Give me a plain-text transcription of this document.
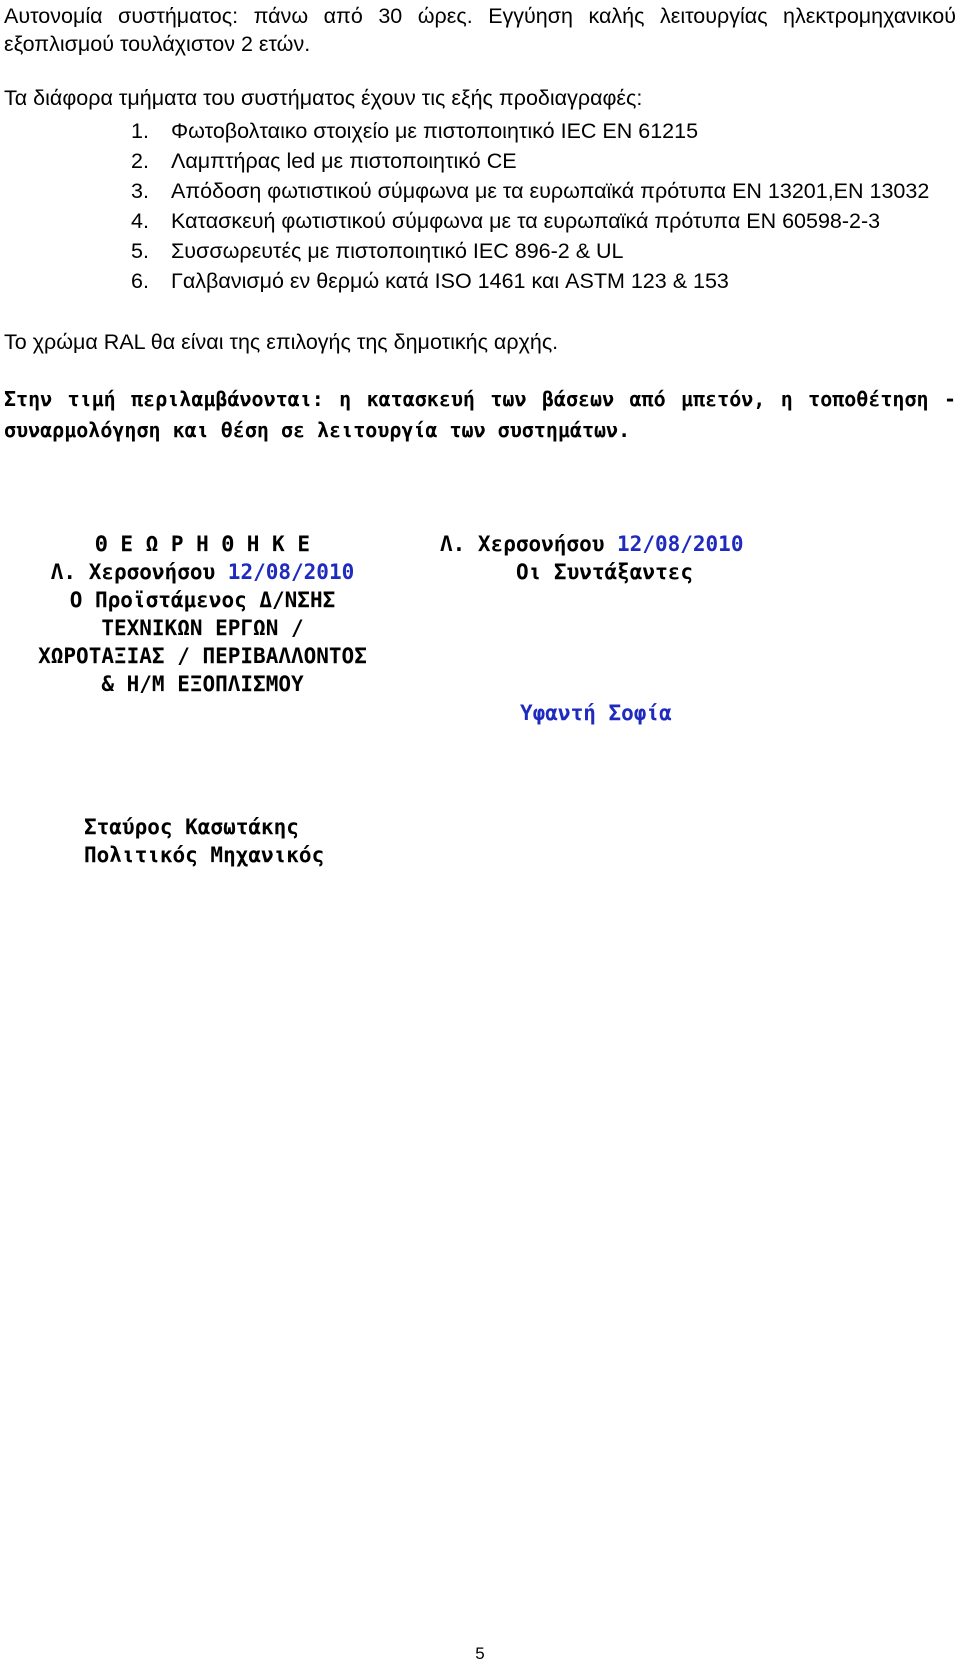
Αυτονομία συστήματος: πάνω από 30 ώρες. Εγγύηση καλής λειτουργίας ηλεκτρομηχανικού εξοπλισμού τουλάχιστον 2 ετών.

Τα διάφορα τμήματα του συστήματος έχουν τις εξής προδιαγραφές:
1. Φωτοβολταικο στοιχείο με πιστοποιητικό IEC EN 61215
2. Λαμπτήρας led με πιστοποιητικό CE
3. Απόδοση φωτιστικού σύμφωνα με τα ευρωπαϊκά πρότυπα EN 13201,EN 13032
4. Κατασκευή φωτιστικού σύμφωνα με τα ευρωπαϊκά πρότυπα EN 60598-2-3
5. Συσσωρευτές με πιστοποιητικό IEC 896-2 & UL
6. Γαλβανισμό εν θερμώ κατά ISO 1461 και ASTM 123 & 153
Το χρώμα RAL θα είναι της επιλογής της δημοτικής αρχής.

Στην τιμή περιλαμβάνονται: η κατασκευή των βάσεων από μπετόν, η τοποθέτηση - συναρμολόγηση και θέση σε λειτουργία των συστημάτων.

Θ Ε Ω Ρ Η Θ Η Κ Ε
Λ. Χερσονήσου 12/08/2010
Ο Προϊστάμενος Δ/ΝΣΗΣ
ΤΕΧΝΙΚΩΝ ΕΡΓΩΝ /
ΧΩΡΟΤΑΞΙΑΣ / ΠΕΡΙΒΑΛΛΟΝΤΟΣ
& Η/Μ ΕΞΟΠΛΙΣΜΟΥ
Σταύρος Κασωτάκης
Πολιτικός Μηχανικός
Λ. Χερσονήσου 12/08/2010
Οι Συντάξαντες
Υφαντή Σοφία
5
